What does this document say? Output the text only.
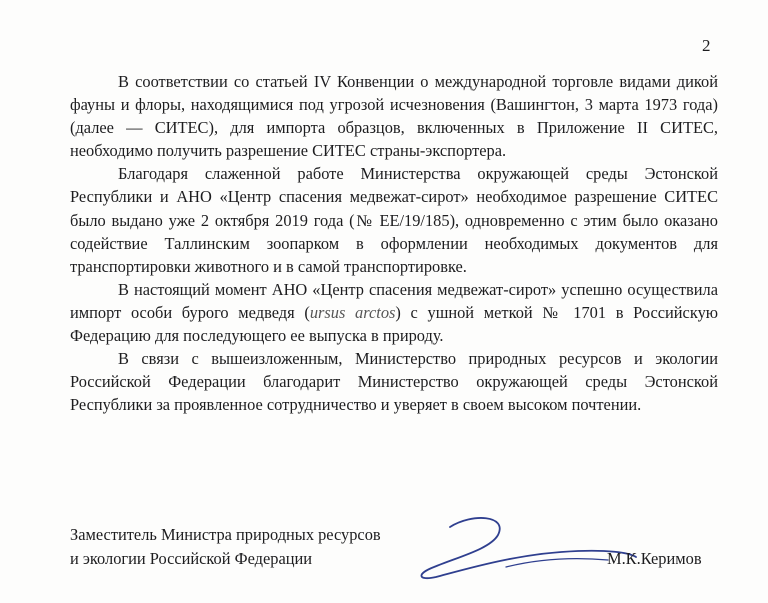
2

В соответствии со статьей IV Конвенции о международной торговле видами дикой фауны и флоры, находящимися под угрозой исчезновения (Вашингтон, 3 марта 1973 года) (далее — СИТЕС), для импорта образцов, включенных в Приложение II СИТЕС, необходимо получить разрешение СИТЕС страны-экспортера.

Благодаря слаженной работе Министерства окружающей среды Эстонской Республики и АНО «Центр спасения медвежат-сирот» необходимое разрешение СИТЕС было выдано уже 2 октября 2019 года (№ EE/19/185), одновременно с этим было оказано содействие Таллинским зоопарком в оформлении необходимых документов для транспортировки животного и в самой транспортировке.

В настоящий момент АНО «Центр спасения медвежат-сирот» успешно осуществила импорт особи бурого медведя (ursus arctos) с ушной меткой № 1701 в Российскую Федерацию для последующего ее выпуска в природу.

В связи с вышеизложенным, Министерство природных ресурсов и экологии Российской Федерации благодарит Министерство окружающей среды Эстонской Республики за проявленное сотрудничество и уверяет в своем высоком почтении.

Заместитель Министра природных ресурсов
и экологии Российской Федерации	М.К.Керимов
